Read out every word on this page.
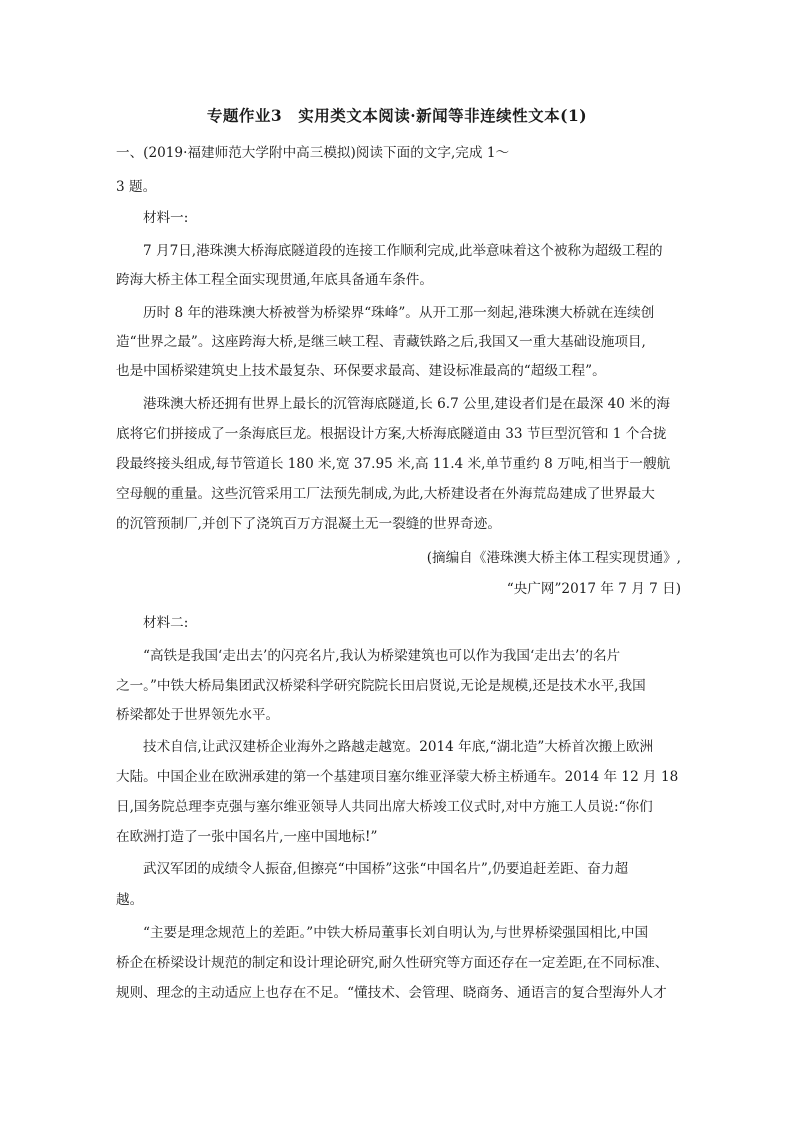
专题作业3　实用类文本阅读·新闻等非连续性文本(1)
一、(2019·福建师范大学附中高三模拟)阅读下面的文字,完成 1～
3 题。
材料一:
7 月7日,港珠澳大桥海底隧道段的连接工作顺利完成,此举意味着这个被称为超级工程的
跨海大桥主体工程全面实现贯通,年底具备通车条件。
历时 8 年的港珠澳大桥被誉为桥梁界“珠峰”。从开工那一刻起,港珠澳大桥就在连续创
造“世界之最”。这座跨海大桥,是继三峡工程、青藏铁路之后,我国又一重大基础设施项目,
也是中国桥梁建筑史上技术最复杂、环保要求最高、建设标准最高的“超级工程”。
港珠澳大桥还拥有世界上最长的沉管海底隧道,长 6.7 公里,建设者们是在最深 40 米的海
底将它们拼接成了一条海底巨龙。根据设计方案,大桥海底隧道由 33 节巨型沉管和 1 个合拢
段最终接头组成,每节管道长 180 米,宽 37.95 米,高 11.4 米,单节重约 8 万吨,相当于一艘航
空母舰的重量。这些沉管采用工厂法预先制成,为此,大桥建设者在外海荒岛建成了世界最大
的沉管预制厂,并创下了浇筑百万方混凝土无一裂缝的世界奇迹。
(摘编自《港珠澳大桥主体工程实现贯通》,
“央广网”2017 年 7 月 7 日)
材料二:
“高铁是我国‘走出去’的闪亮名片,我认为桥梁建筑也可以作为我国‘走出去’的名片
之一。”中铁大桥局集团武汉桥梁科学研究院院长田启贤说,无论是规模,还是技术水平,我国
桥梁都处于世界领先水平。
技术自信,让武汉建桥企业海外之路越走越宽。2014 年底,“湖北造”大桥首次搬上欧洲
大陆。中国企业在欧洲承建的第一个基建项目塞尔维亚泽蒙大桥主桥通车。2014 年 12 月 18
日,国务院总理李克强与塞尔维亚领导人共同出席大桥竣工仪式时,对中方施工人员说:“你们
在欧洲打造了一张中国名片,一座中国地标!”
武汉军团的成绩令人振奋,但擦亮“中国桥”这张“中国名片”,仍要追赶差距、奋力超
越。
“主要是理念规范上的差距。”中铁大桥局董事长刘自明认为,与世界桥梁强国相比,中国
桥企在桥梁设计规范的制定和设计理论研究,耐久性研究等方面还存在一定差距,在不同标准、
规则、理念的主动适应上也存在不足。“懂技术、会管理、晓商务、通语言的复合型海外人才
